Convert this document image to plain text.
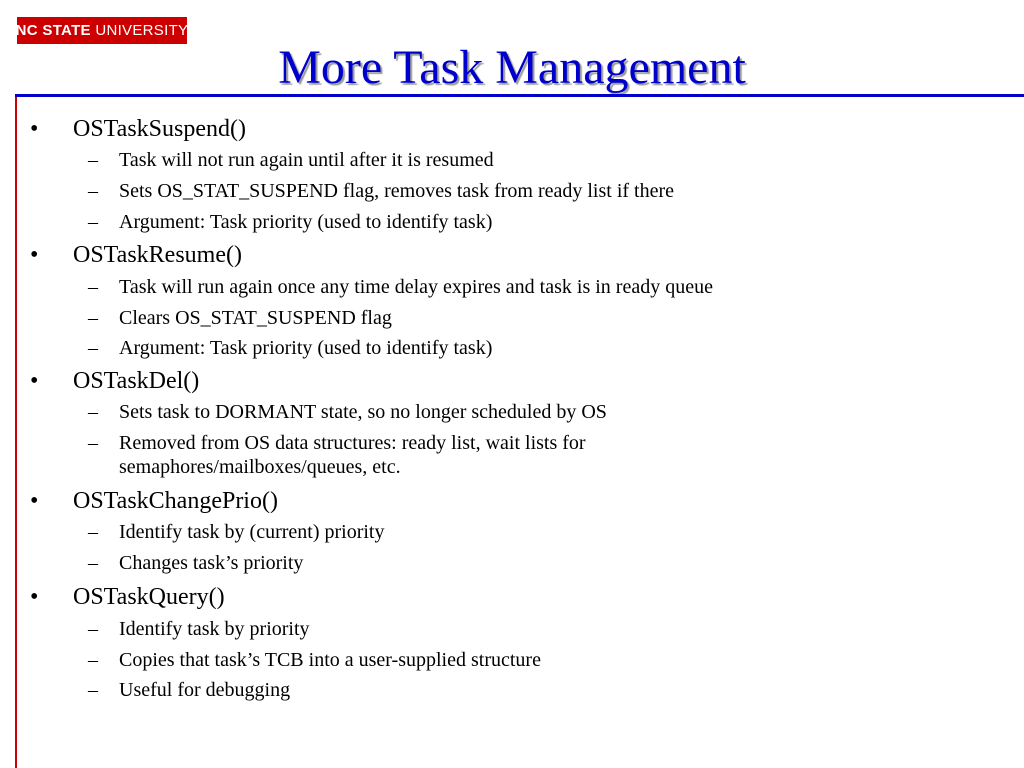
NC STATE UNIVERSITY
More Task Management
• OSTaskSuspend()
– Task will not run again until after it is resumed
– Sets OS_STAT_SUSPEND flag, removes task from ready list if there
– Argument: Task priority (used to identify task)
• OSTaskResume()
– Task will run again once any time delay expires and task is in ready queue
– Clears OS_STAT_SUSPEND flag
– Argument: Task priority (used to identify task)
• OSTaskDel()
– Sets task to DORMANT state, so no longer scheduled by OS
– Removed from OS data structures: ready list, wait lists for semaphores/mailboxes/queues, etc.
• OSTaskChangePrio()
– Identify task by (current) priority
– Changes task’s priority
• OSTaskQuery()
– Identify task by priority
– Copies that task’s TCB into a user-supplied structure
– Useful for debugging
